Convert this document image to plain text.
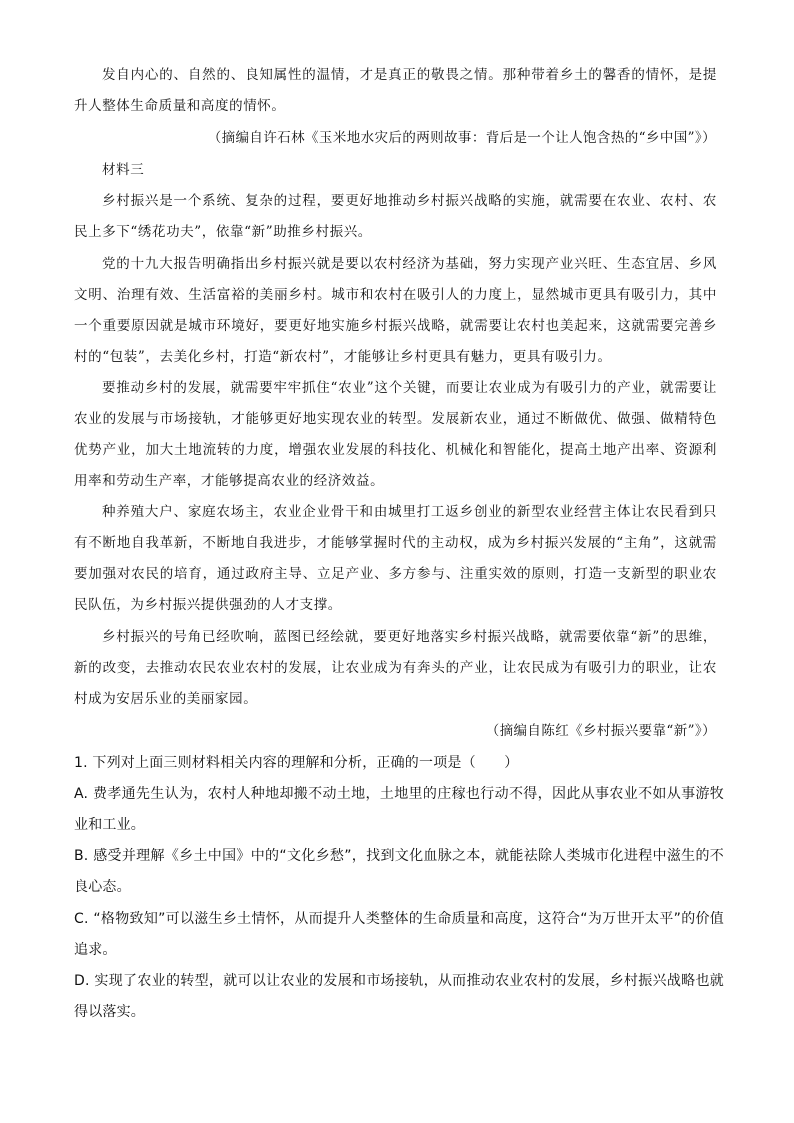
发自内心的、自然的、良知属性的温情，才是真正的敬畏之情。那种带着乡土的馨香的情怀，是提升人整体生命质量和高度的情怀。

（摘编自许石林《玉米地水灾后的两则故事：背后是一个让人饱含热的“乡中国”》）

材料三

乡村振兴是一个系统、复杂的过程，要更好地推动乡村振兴战略的实施，就需要在农业、农村、农民上多下“绣花功夫”，依靠“新”助推乡村振兴。

党的十九大报告明确指出乡村振兴就是要以农村经济为基础，努力实现产业兴旺、生态宜居、乡风文明、治理有效、生活富裕的美丽乡村。城市和农村在吸引人的力度上，显然城市更具有吸引力，其中一个重要原因就是城市环境好，要更好地实施乡村振兴战略，就需要让农村也美起来，这就需要完善乡村的“包装”，去美化乡村，打造“新农村”，才能够让乡村更具有魅力，更具有吸引力。

要推动乡村的发展，就需要牢牢抓住“农业”这个关键，而要让农业成为有吸引力的产业，就需要让农业的发展与市场接轨，才能够更好地实现农业的转型。发展新农业，通过不断做优、做强、做精特色优势产业，加大土地流转的力度，增强农业发展的科技化、机械化和智能化，提高土地产出率、资源利用率和劳动生产率，才能够提高农业的经济效益。

种养殖大户、家庭农场主，农业企业骨干和由城里打工返乡创业的新型农业经营主体让农民看到只有不断地自我革新，不断地自我进步，才能够掌握时代的主动权，成为乡村振兴发展的“主角”，这就需要加强对农民的培育，通过政府主导、立足产业、多方参与、注重实效的原则，打造一支新型的职业农民队伍，为乡村振兴提供强劲的人才支撑。

乡村振兴的号角已经吹响，蓝图已经绘就，要更好地落实乡村振兴战略，就需要依靠“新”的思维，新的改变，去推动农民农业农村的发展，让农业成为有奔头的产业，让农民成为有吸引力的职业，让农村成为安居乐业的美丽家园。

（摘编自陈红《乡村振兴要靠“新”》）

1. 下列对上面三则材料相关内容的理解和分析，正确的一项是（　　）

A. 费孝通先生认为，农村人种地却搬不动土地，土地里的庄稼也行动不得，因此从事农业不如从事游牧业和工业。

B. 感受并理解《乡土中国》中的“文化乡愁”，找到文化血脉之本，就能祛除人类城市化进程中滋生的不良心态。

C. “格物致知”可以滋生乡土情怀，从而提升人类整体的生命质量和高度，这符合“为万世开太平”的价值追求。

D. 实现了农业的转型，就可以让农业的发展和市场接轨，从而推动农业农村的发展，乡村振兴战略也就得以落实。
